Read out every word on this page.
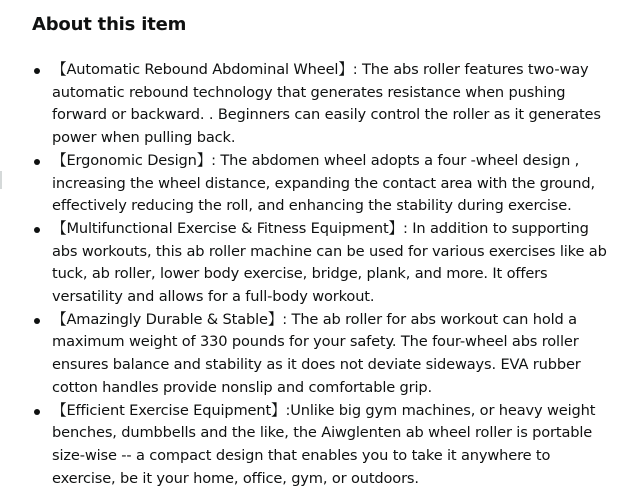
About this item
【Automatic Rebound Abdominal Wheel】: The abs roller features two-way automatic rebound technology that generates resistance when pushing forward or backward. . Beginners can easily control the roller as it generates power when pulling back.
【Ergonomic Design】: The abdomen wheel adopts a four -wheel design , increasing the wheel distance, expanding the contact area with the ground, effectively reducing the roll, and enhancing the stability during exercise.
【Multifunctional Exercise & Fitness Equipment】: In addition to supporting abs workouts, this ab roller machine can be used for various exercises like ab tuck, ab roller, lower body exercise, bridge, plank, and more. It offers versatility and allows for a full-body workout.
【Amazingly Durable & Stable】: The ab roller for abs workout can hold a maximum weight of 330 pounds for your safety. The four-wheel abs roller ensures balance and stability as it does not deviate sideways. EVA rubber cotton handles provide nonslip and comfortable grip.
【Efficient Exercise Equipment】:Unlike big gym machines, or heavy weight benches, dumbbells and the like, the Aiwglenten ab wheel roller is portable size-wise -- a compact design that enables you to take it anywhere to exercise, be it your home, office, gym, or outdoors.
